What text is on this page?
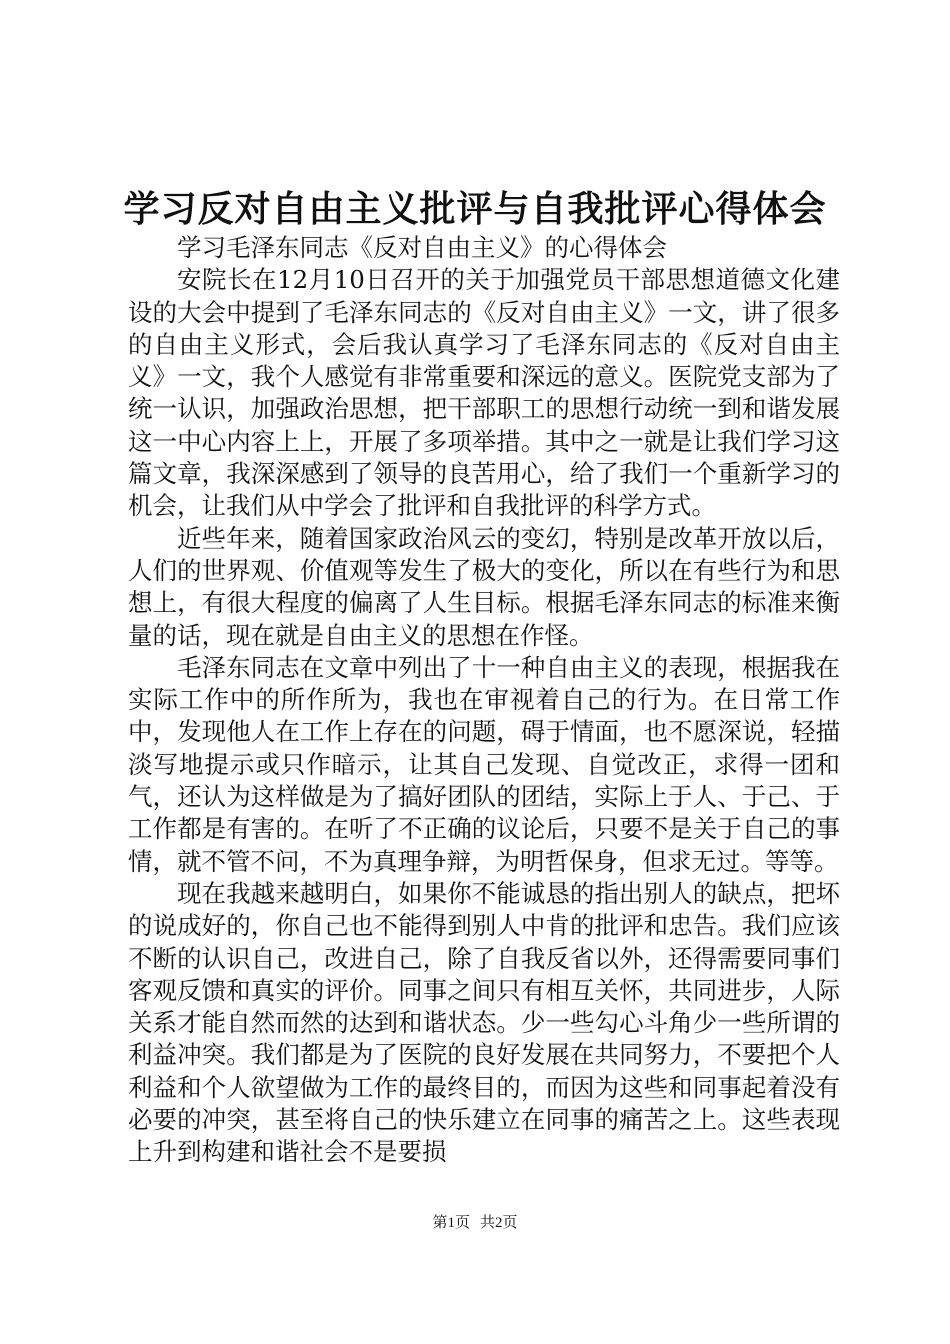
学习反对自由主义批评与自我批评心得体会

学习毛泽东同志《反对自由主义》的心得体会

安院长在12月10日召开的关于加强党员干部思想道德文化建设的大会中提到了毛泽东同志的《反对自由主义》一文，讲了很多的自由主义形式，会后我认真学习了毛泽东同志的《反对自由主义》一文，我个人感觉有非常重要和深远的意义。医院党支部为了统一认识，加强政治思想，把干部职工的思想行动统一到和谐发展这一中心内容上上，开展了多项举措。其中之一就是让我们学习这篇文章，我深深感到了领导的良苦用心，给了我们一个重新学习的机会，让我们从中学会了批评和自我批评的科学方式。

近些年来，随着国家政治风云的变幻，特别是改革开放以后，人们的世界观、价值观等发生了极大的变化，所以在有些行为和思想上，有很大程度的偏离了人生目标。根据毛泽东同志的标准来衡量的话，现在就是自由主义的思想在作怪。

毛泽东同志在文章中列出了十一种自由主义的表现，根据我在实际工作中的所作所为，我也在审视着自己的行为。在日常工作中，发现他人在工作上存在的问题，碍于情面，也不愿深说，轻描淡写地提示或只作暗示，让其自己发现、自觉改正，求得一团和气，还认为这样做是为了搞好团队的团结，实际上于人、于己、于工作都是有害的。在听了不正确的议论后，只要不是关于自己的事情，就不管不问，不为真理争辩，为明哲保身，但求无过。等等。

现在我越来越明白，如果你不能诚恳的指出别人的缺点，把坏的说成好的，你自己也不能得到别人中肯的批评和忠告。我们应该不断的认识自己，改进自己，除了自我反省以外，还得需要同事们客观反馈和真实的评价。同事之间只有相互关怀，共同进步，人际关系才能自然而然的达到和谐状态。少一些勾心斗角少一些所谓的利益冲突。我们都是为了医院的良好发展在共同努力，不要把个人利益和个人欲望做为工作的最终目的，而因为这些和同事起着没有必要的冲突，甚至将自己的快乐建立在同事的痛苦之上。这些表现上升到构建和谐社会不是要损

第1页 共2页
